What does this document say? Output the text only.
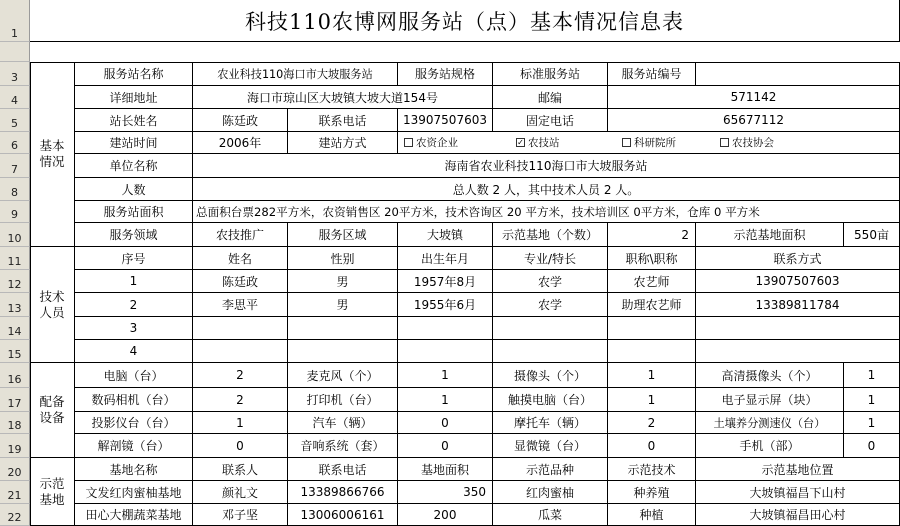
1
3
4
5
6
7
8
9
10
11
12
13
14
15
16
17
18
19
20
21
22
科技110农博网服务站（点）基本情况信息表
基本
情况
服务站名称	农业科技110海口市大坡服务站	服务站规格	标准服务站	服务站编号
详细地址	海口市琼山区大坡镇大坡大道154号	邮编	571142
站长姓名	陈廷政	联系电话	13907507603	固定电话	65677112
建站时间	2006年	建站方式	农资企业	✓ 农技站	科研院所	农技协会
单位名称	海南省农业科技110海口市大坡服务站
人数	总人数 2 人，其中技术人员 2 人。
服务站面积	总面积台票282平方米，农资销售区 20平方米，技术咨询区 20 平方米，技术培训区 0平方米，仓库 0 平方米
服务领域	农技推广	服务区域	大坡镇	示范基地（个数）	2	示范基地面积	550亩
技术
人员
序号	姓名	性别	出生年月	专业/特长	职称\职称	联系方式
1	陈廷政	男	1957年8月	农学	农艺师	13907507603
2	李思平	男	1955年6月	农学	助理农艺师	13389811784
3
4
配备
设备
电脑（台）	2	麦克风（个）	1	摄像头（个）	1	高清摄像头（个）	1
数码相机（台）	2	打印机（台）	1	触摸电脑（台）	1	电子显示屏（块）	1
投影仪台（台）	1	汽车（辆）	0	摩托车（辆）	2	土壤养分测速仪（台）	1
解剖镜（台）	0	音响系统（套）	0	显微镜（台）	0	手机（部）	0
示范
基地
基地名称	联系人	联系电话	基地面积	示范品种	示范技术	示范基地位置
文发红肉蜜柚基地	颜礼文	13389866766	350	红肉蜜柚	种养殖	大坡镇福昌下山村
田心大棚蔬菜基地	邓子坚	13006006161	200	瓜菜	种植	大坡镇福昌田心村
